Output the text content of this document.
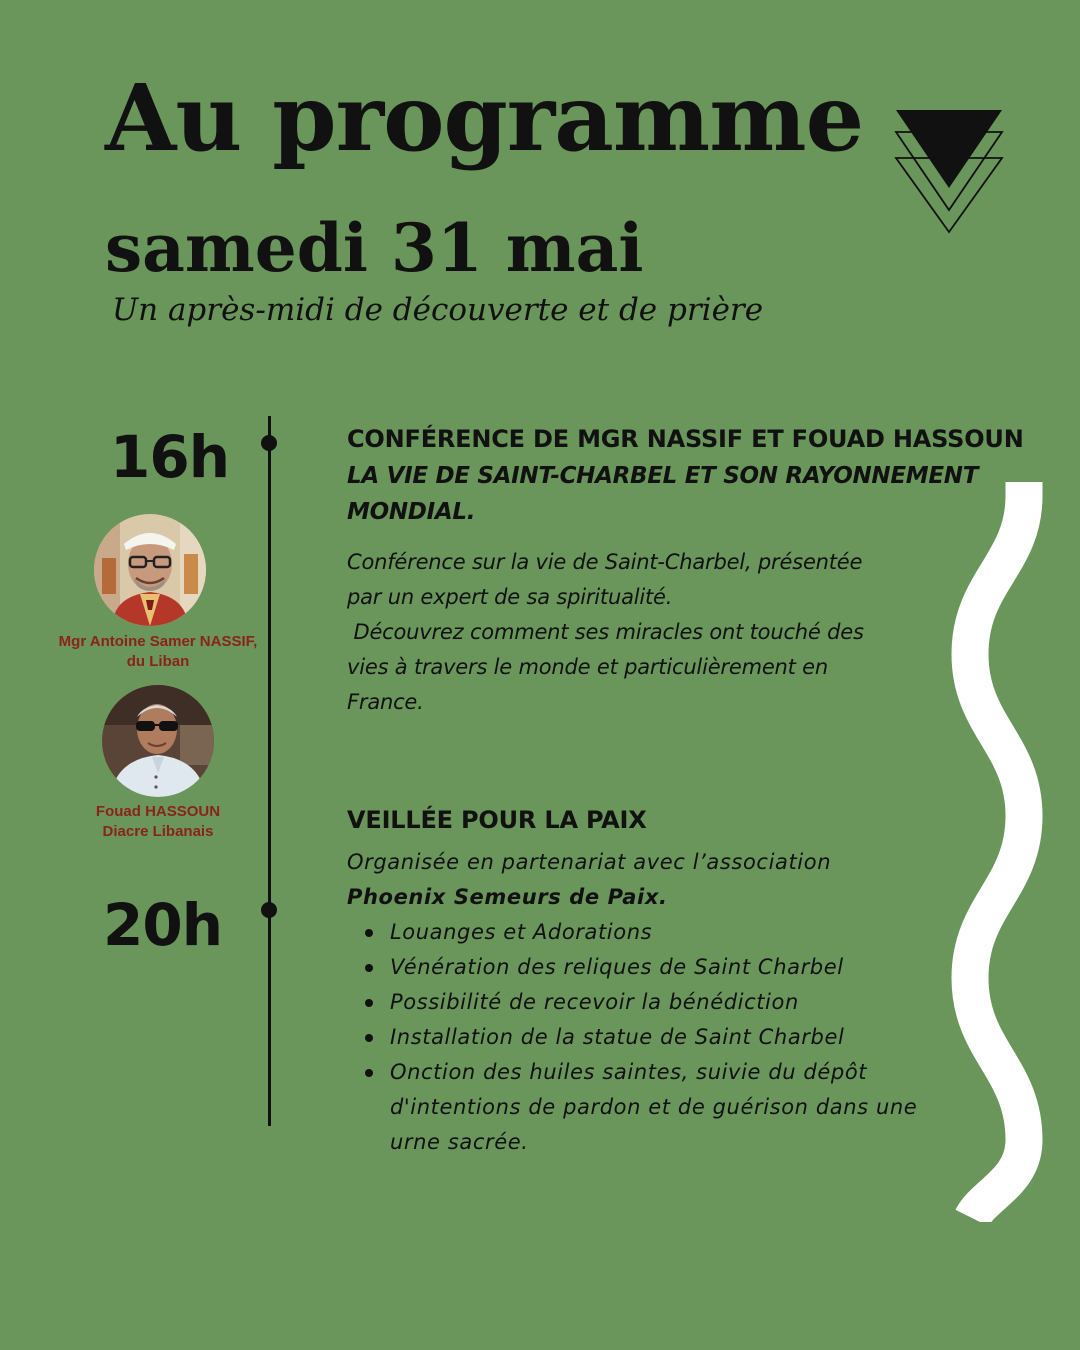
Au programme
samedi 31 mai
Un après-midi de découverte et de prière
16h
20h
Mgr Antoine Samer NASSIF,
du Liban
Fouad HASSOUN
Diacre Libanais
CONFÉRENCE DE MGR NASSIF ET FOUAD HASSOUN
LA VIE DE SAINT-CHARBEL ET SON RAYONNEMENT
MONDIAL.
Conférence sur la vie de Saint-Charbel, présentée
par un expert de sa spiritualité.
Découvrez comment ses miracles ont touché des
vies à travers le monde et particulièrement en
France.
VEILLÉE POUR LA PAIX
Organisée en partenariat avec l’association
Phoenix Semeurs de Paix.
Louanges et Adorations
Vénération des reliques de Saint Charbel
Possibilité de recevoir la bénédiction
Installation de la statue de Saint Charbel
Onction des huiles saintes, suivie du dépôt
d'intentions de pardon et de guérison dans une
urne sacrée.
